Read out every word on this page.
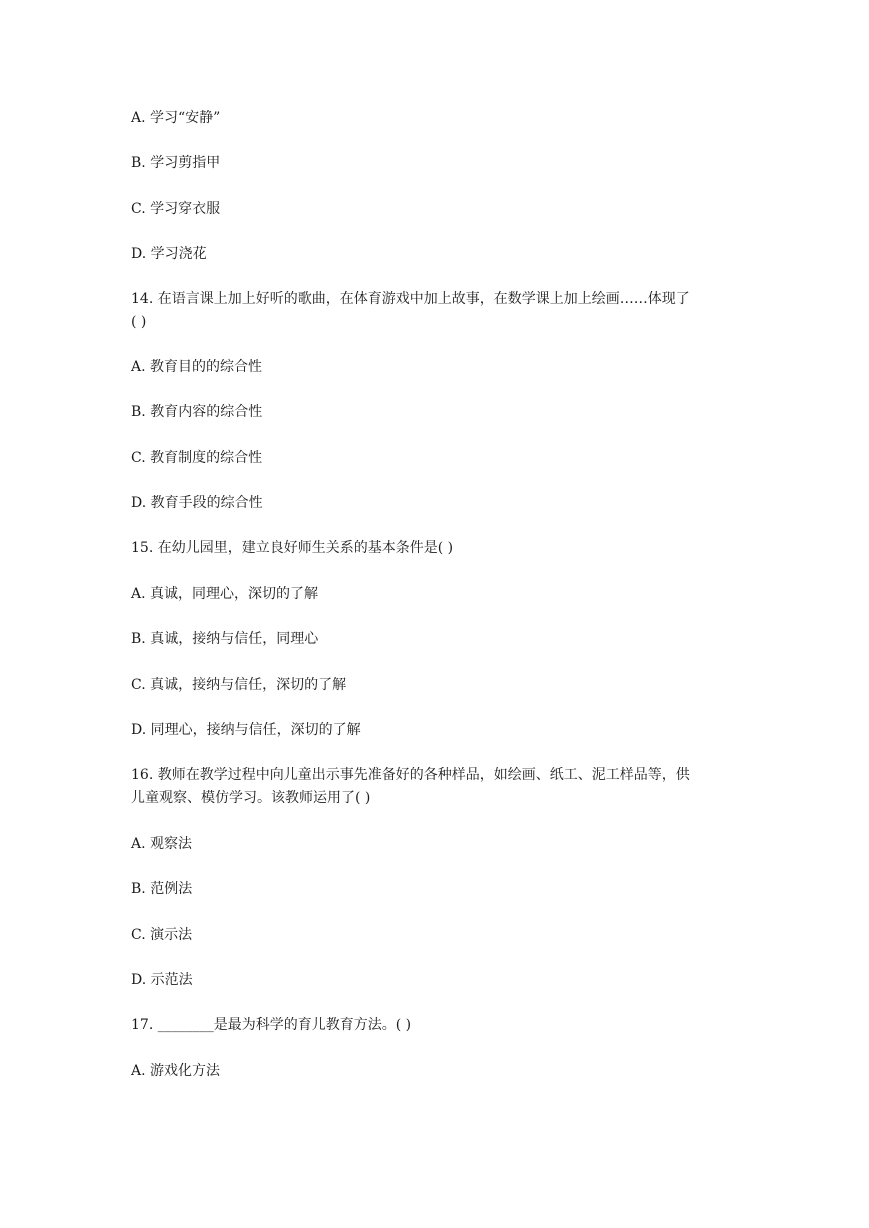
A. 学习“安静”
B. 学习剪指甲
C. 学习穿衣服
D. 学习浇花
14. 在语言课上加上好听的歌曲，在体育游戏中加上故事，在数学课上加上绘画……体现了
( )
A. 教育目的的综合性
B. 教育内容的综合性
C. 教育制度的综合性
D. 教育手段的综合性
15. 在幼儿园里，建立良好师生关系的基本条件是( )
A. 真诚，同理心，深切的了解
B. 真诚，接纳与信任，同理心
C. 真诚，接纳与信任，深切的了解
D. 同理心，接纳与信任，深切的了解
16. 教师在教学过程中向儿童出示事先准备好的各种样品，如绘画、纸工、泥工样品等，供
儿童观察、模仿学习。该教师运用了( )
A. 观察法
B. 范例法
C. 演示法
D. 示范法
17. ________是最为科学的育儿教育方法。( )
A. 游戏化方法
